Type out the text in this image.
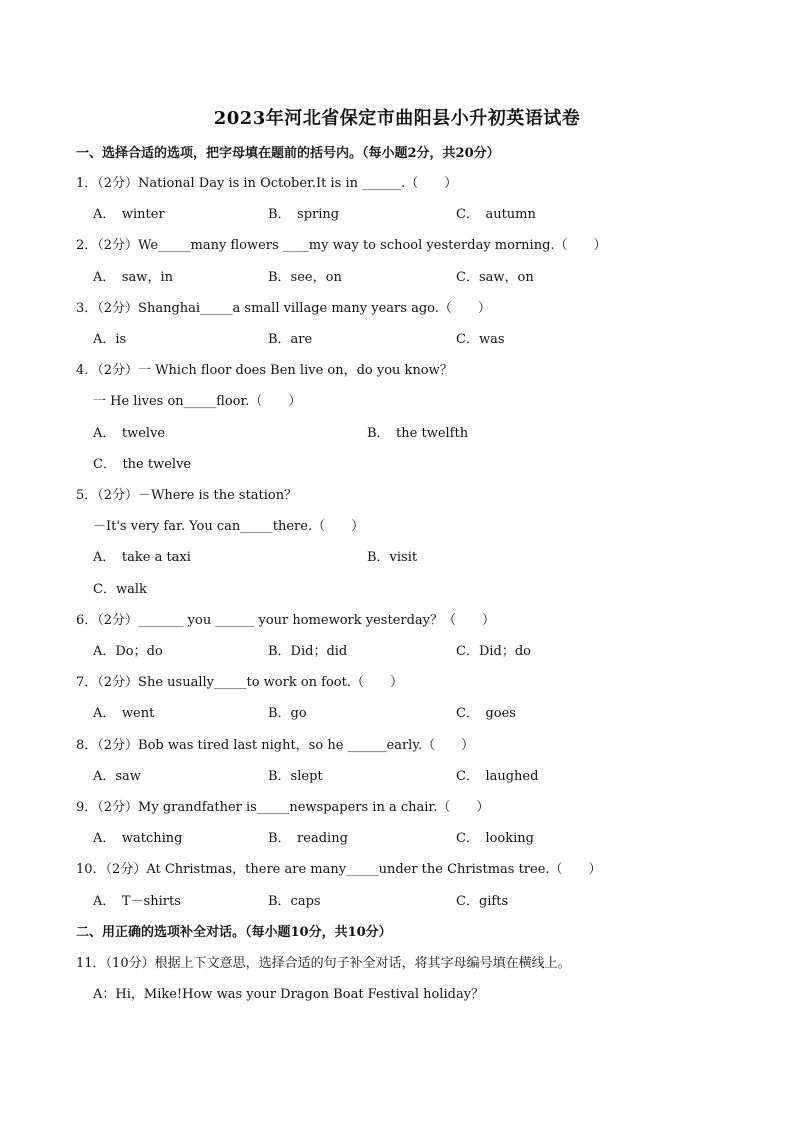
2023年河北省保定市曲阳县小升初英语试卷
一、选择合适的选项，把字母填在题前的括号内。（每小题2分，共20分）
1．（2分）National Day is in October.It is in ______.（　　）
A．　winter	B．　spring	C．　autumn
2．（2分）We_____many flowers ____my way to school yesterday morning.（　　）
A．　saw，in	B．see，on	C．saw，on
3．（2分）Shanghai_____a small village many years ago.（　　）
A．is	B．are	C．was
4．（2分）一 Which floor does Ben live on，do you know？
一 He lives on_____floor.（　　）
A．　twelve	B．　the twelfth
C．　the twelve
5．（2分）－Where is the station？
－It's very far. You can_____there.（　　）
A．　take a taxi	B．visit
C．walk
6．（2分）_______ you ______ your homework yesterday？（　　）
A．Do；do	B．Did；did	C．Did；do
7．（2分）She usually_____to work on foot.（　　）
A．　went	B．go	C．　goes
8．（2分）Bob was tired last night，so he ______early.（　　）
A．saw	B．slept	C．　laughed
9．（2分）My grandfather is_____newspapers in a chair.（　　）
A．　watching	B．　reading	C．　looking
10．（2分）At Christmas，there are many_____under the Christmas tree.（　　）
A．　T－shirts	B．caps	C．gifts
二、用正确的选项补全对话。（每小题10分，共10分）
11．（10分）根据上下文意思，选择合适的句子补全对话，将其字母编号填在横线上。
A：Hi，Mike!How was your Dragon Boat Festival holiday？
